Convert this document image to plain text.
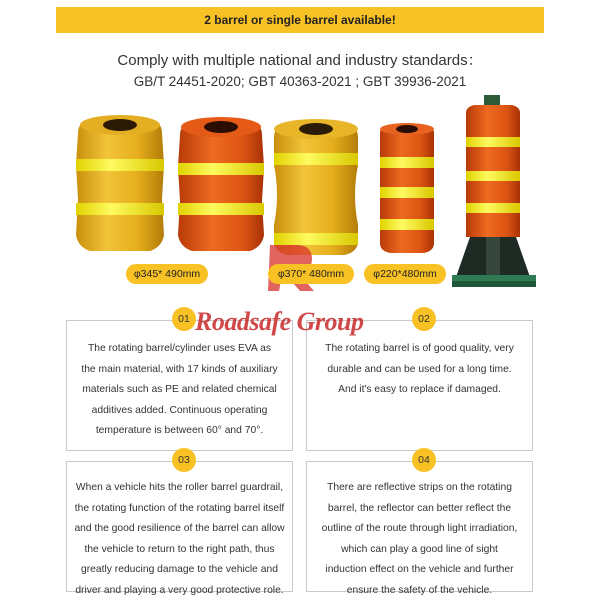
2 barrel or single barrel available!
Comply with multiple national and industry standards：
GB/T 24451-2020; GBT 40363-2021 ; GBT 39936-2021
φ345* 490mm	φ370* 480mm	φ220*480mm
The rotating barrel/cylinder uses EVA as
the main material, with 17 kinds of auxiliary
materials such as PE and related chemical
additives added. Continuous operating
temperature is between 60° and 70°.
01
The rotating barrel is of good quality, very
durable and can be used for a long time.
And it's easy to replace if damaged.
02
When a vehicle hits the roller barrel guardrail,
the rotating function of the rotating barrel itself
and the good resilience of the barrel can allow
the vehicle to return to the right path, thus
greatly reducing damage to the vehicle and
driver and playing a very good protective role.
03
There are reflective strips on the rotating
barrel, the reflector can better reflect the
outline of the route through light irradiation,
which can play a good line of sight
induction effect on the vehicle and further
ensure the safety of the vehicle.
04
Roadsafe Group
